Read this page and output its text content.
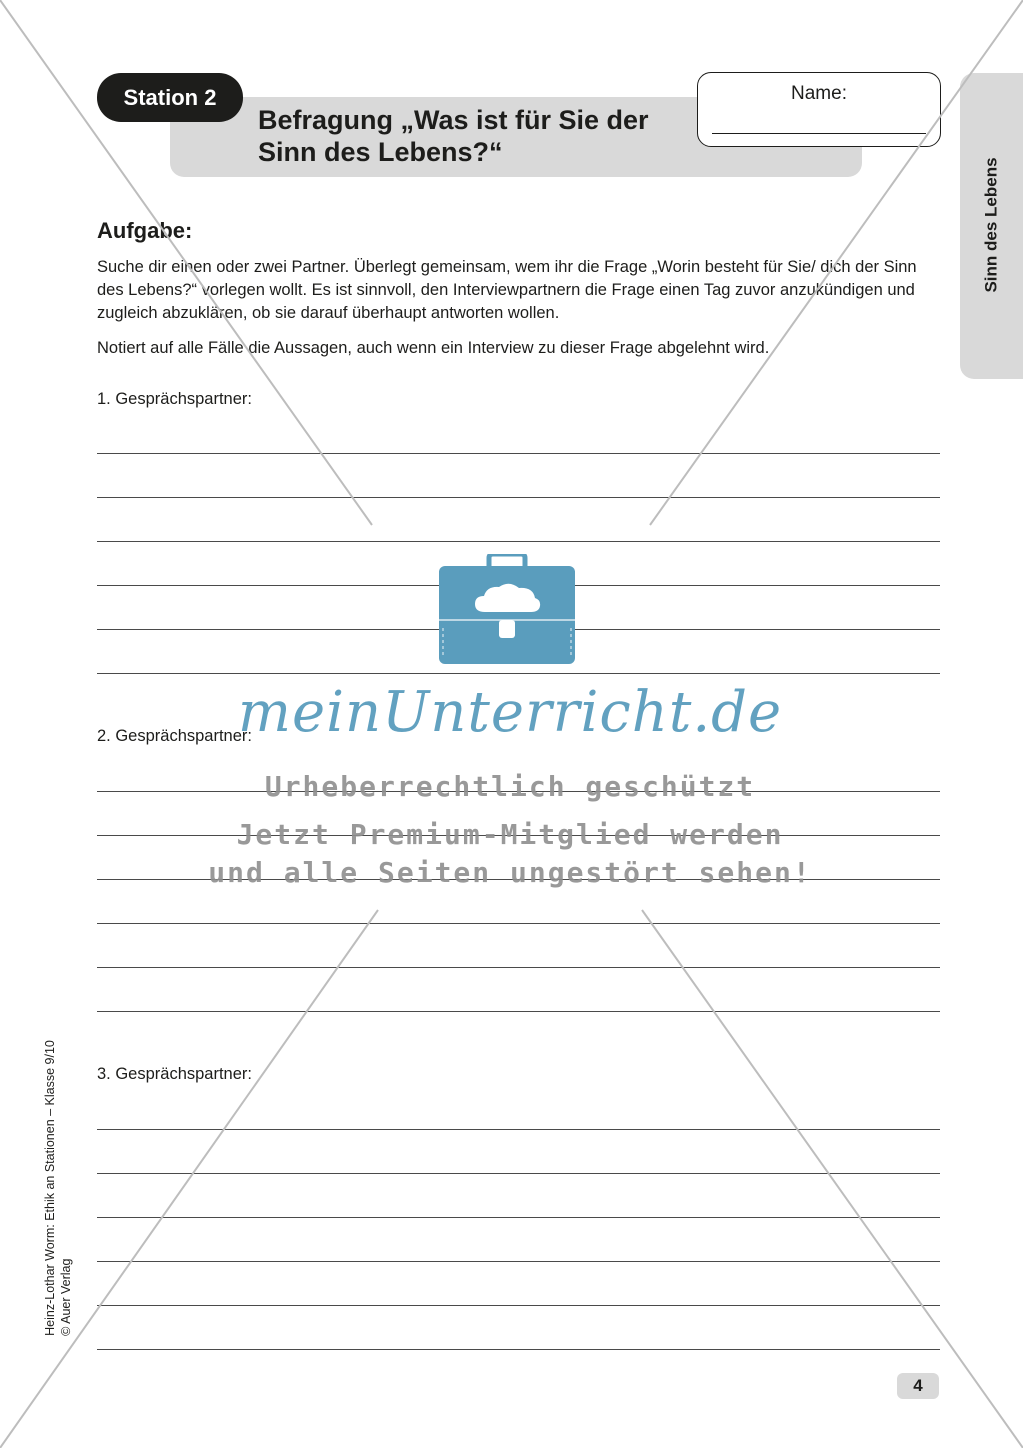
Station 2
Befragung „Was ist für Sie der
Sinn des Lebens?“
Name:
Sinn des Lebens
Aufgabe:

Suche dir einen oder zwei Partner. Überlegt gemeinsam, wem ihr die Frage „Worin besteht für Sie/ dich der Sinn des Lebens?“ vorlegen wollt. Es ist sinnvoll, den Interviewpartnern die Frage einen Tag zuvor anzukündigen und zugleich abzuklären, ob sie darauf überhaupt antworten wollen.

Notiert auf alle Fälle die Aussagen, auch wenn ein Interview zu dieser Frage abgelehnt wird.

1. Gesprächspartner:
2. Gesprächspartner:
3. Gesprächspartner:
Heinz-Lothar Worm: Ethik an Stationen – Klasse 9/10 © Auer Verlag
4
meinUnterricht.de
Urheberrechtlich geschützt
Jetzt Premium-Mitglied werden
und alle Seiten ungestört sehen!
